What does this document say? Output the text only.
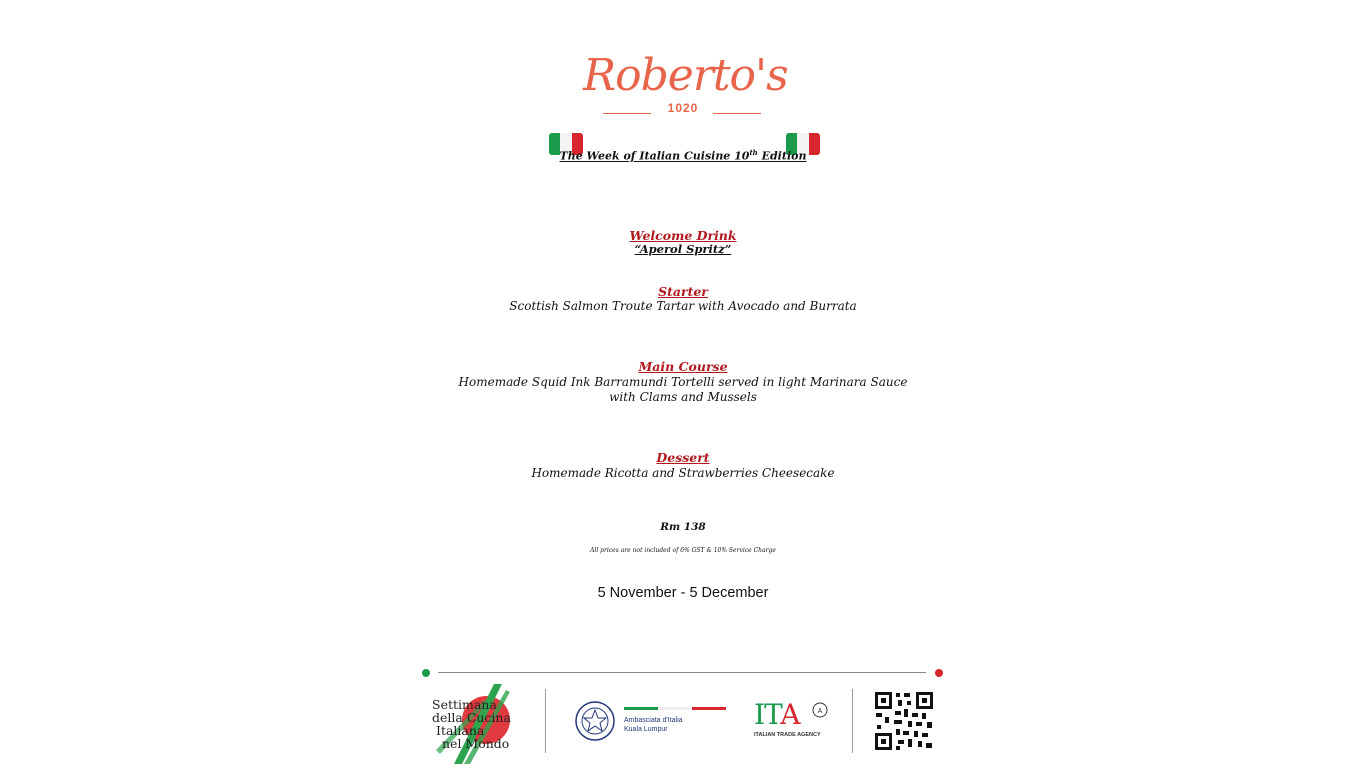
Roberto's
1020
The Week of Italian Cuisine 10th Edition
Welcome Drink
“Aperol Spritz”
Starter
Scottish Salmon Troute Tartar with Avocado and Burrata
Main Course
Homemade Squid Ink Barramundi Tortelli served in light Marinara Sauce
with Clams and Mussels
Dessert
Homemade Ricotta and Strawberries Cheesecake
Rm 138
All prices are not included of 6% GST & 10% Service Charge
5 November - 5 December
Settimana
della Cucina
Italiana
nel Mondo
Ambasciata d'Italia
Kuala Lumpur	ITA	A
ITALIAN TRADE AGENCY
